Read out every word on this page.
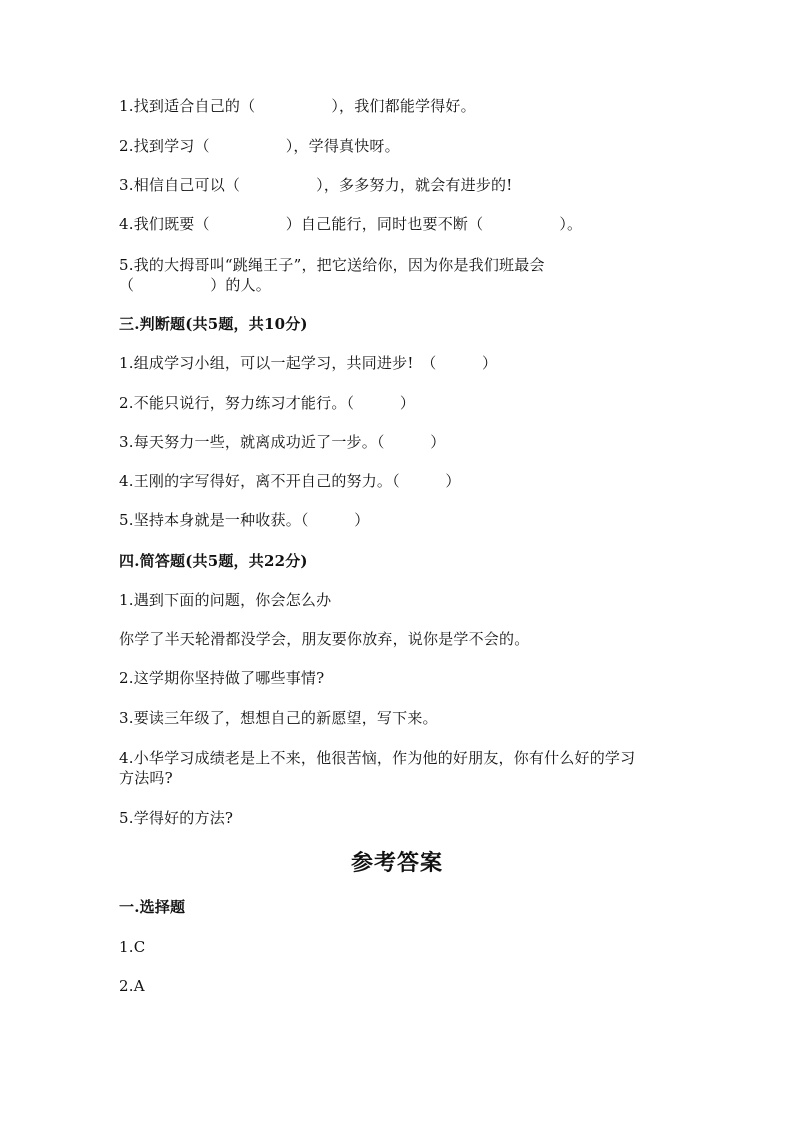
1.找到适合自己的（　　　　　），我们都能学得好。
2.找到学习（　　　　　），学得真快呀。
3.相信自己可以（　　　　　），多多努力，就会有进步的!
4.我们既要（　　　　　）自己能行，同时也要不断（　　　　　）。
5.我的大拇哥叫“跳绳王子”，把它送给你，因为你是我们班最会
（　　　　　）的人。
三.判断题(共5题，共10分)
1.组成学习小组，可以一起学习，共同进步!　（　　　）
2.不能只说行，努力练习才能行。（　　　）
3.每天努力一些，就离成功近了一步。（　　　）
4.王刚的字写得好，离不开自己的努力。（　　　）
5.坚持本身就是一种收获。（　　　）
四.简答题(共5题，共22分)
1.遇到下面的问题，你会怎么办
你学了半天轮滑都没学会，朋友要你放弃，说你是学不会的。
2.这学期你坚持做了哪些事情?
3.要读三年级了，想想自己的新愿望，写下来。
4.小华学习成绩老是上不来，他很苦恼，作为他的好朋友，你有什么好的学习
方法吗?
5.学得好的方法?
参考答案
一.选择题
1.C
2.A
